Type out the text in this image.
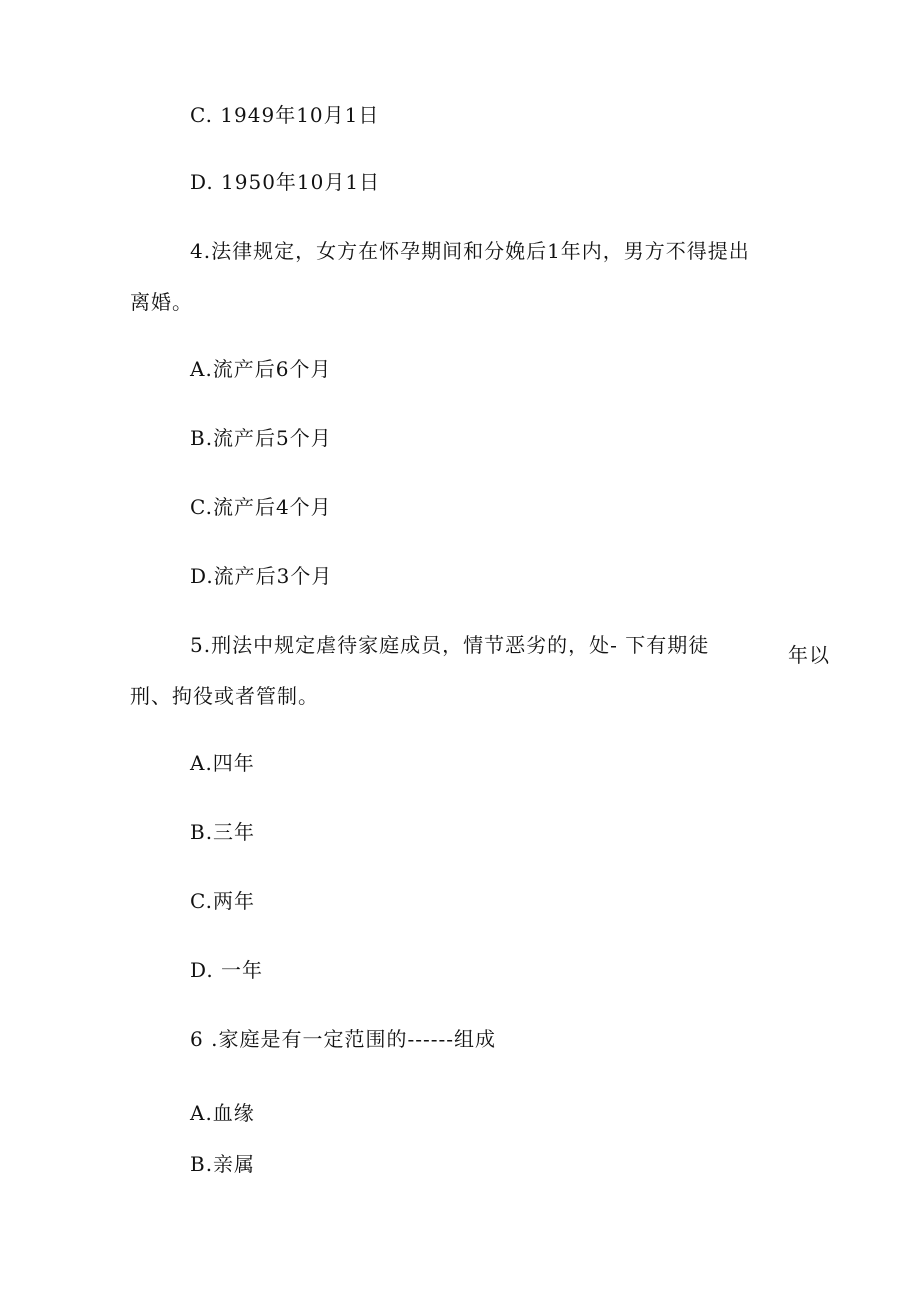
C. 1949年10月1日
D. 1950年10月1日
4.法律规定，女方在怀孕期间和分娩后1年内，男方不得提出
离婚。
A.流产后6个月
B.流产后5个月
C.流产后4个月
D.流产后3个月
5.刑法中规定虐待家庭成员，情节恶劣的，处- 下有期徒	年以
刑、拘役或者管制。
A.四年
B.三年
C.两年
D. 一年
6 .家庭是有一定范围的------组成
A.血缘
B.亲属
